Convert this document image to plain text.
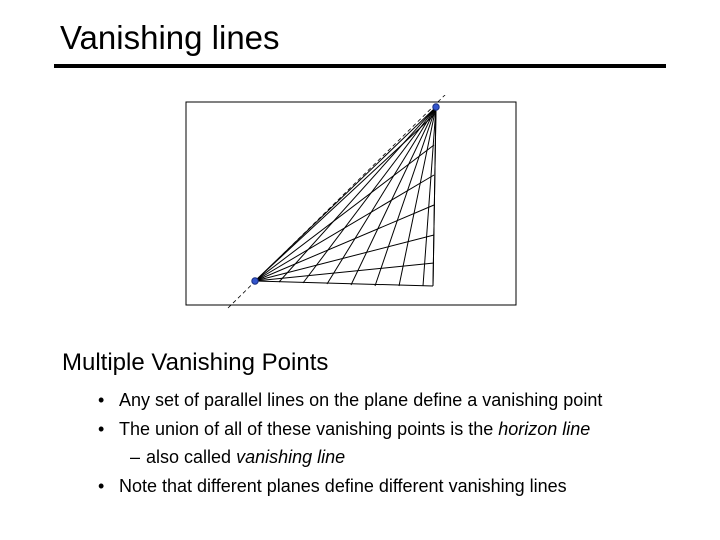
Vanishing lines
Multiple Vanishing Points
• Any set of parallel lines on the plane define a vanishing point
• The union of all of these vanishing points is the horizon line
– also called vanishing line
• Note that different planes define different vanishing lines
